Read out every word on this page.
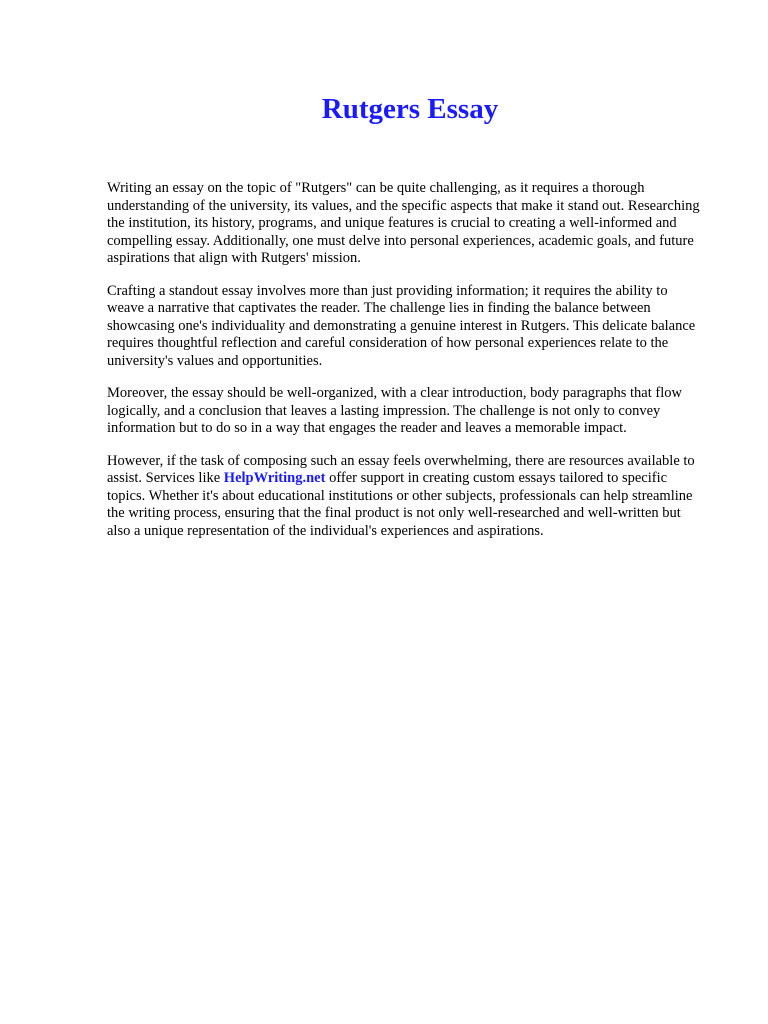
Rutgers Essay

Writing an essay on the topic of "Rutgers" can be quite challenging, as it requires a thorough understanding of the university, its values, and the specific aspects that make it stand out. Researching the institution, its history, programs, and unique features is crucial to creating a well-informed and compelling essay. Additionally, one must delve into personal experiences, academic goals, and future aspirations that align with Rutgers' mission.

Crafting a standout essay involves more than just providing information; it requires the ability to weave a narrative that captivates the reader. The challenge lies in finding the balance between showcasing one's individuality and demonstrating a genuine interest in Rutgers. This delicate balance requires thoughtful reflection and careful consideration of how personal experiences relate to the university's values and opportunities.

Moreover, the essay should be well-organized, with a clear introduction, body paragraphs that flow logically, and a conclusion that leaves a lasting impression. The challenge is not only to convey information but to do so in a way that engages the reader and leaves a memorable impact.

However, if the task of composing such an essay feels overwhelming, there are resources available to assist. Services like HelpWriting.net offer support in creating custom essays tailored to specific topics. Whether it's about educational institutions or other subjects, professionals can help streamline the writing process, ensuring that the final product is not only well-researched and well-written but also a unique representation of the individual's experiences and aspirations.
